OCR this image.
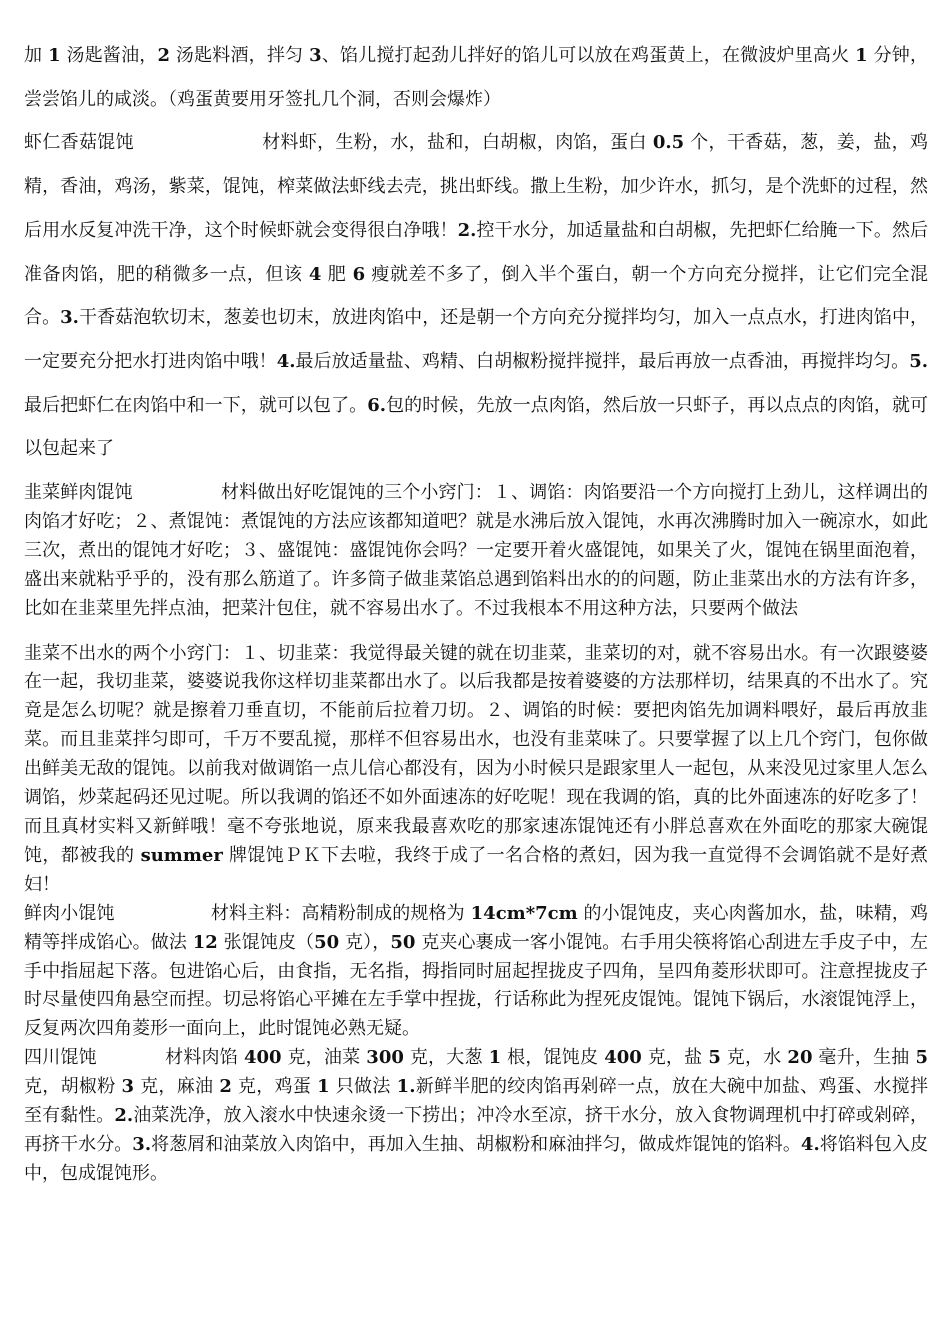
加 1 汤匙酱油，2 汤匙料酒，拌匀 3、馅儿搅打起劲儿拌好的馅儿可以放在鸡蛋黄上，在微波炉里高火 1 分钟，尝尝馅儿的咸淡。（鸡蛋黄要用牙签扎几个洞，否则会爆炸）

虾仁香菇馄饨	材料虾，生粉，水，盐和，白胡椒，肉馅，蛋白 0.5 个，干香菇，葱，姜，盐，鸡精，香油，鸡汤，紫菜，馄饨，榨菜做法虾线去壳，挑出虾线。撒上生粉，加少许水，抓匀，是个洗虾的过程，然后用水反复冲洗干净，这个时候虾就会变得很白净哦！2.控干水分，加适量盐和白胡椒，先把虾仁给腌一下。然后准备肉馅，肥的稍微多一点，但该 4 肥 6 瘦就差不多了，倒入半个蛋白，朝一个方向充分搅拌，让它们完全混合。3.干香菇泡软切末，葱姜也切末，放进肉馅中，还是朝一个方向充分搅拌均匀，加入一点点水，打进肉馅中，一定要充分把水打进肉馅中哦！4.最后放适量盐、鸡精、白胡椒粉搅拌搅拌，最后再放一点香油，再搅拌均匀。5.最后把虾仁在肉馅中和一下，就可以包了。6.包的时候，先放一点肉馅，然后放一只虾子，再以点点的肉馅，就可以包起来了

韭菜鲜肉馄饨	材料做出好吃馄饨的三个小窍门：１、调馅：肉馅要沿一个方向搅打上劲儿，这样调出的肉馅才好吃；２、煮馄饨：煮馄饨的方法应该都知道吧？就是水沸后放入馄饨，水再次沸腾时加入一碗凉水，如此三次，煮出的馄饨才好吃；３、盛馄饨：盛馄饨你会吗？一定要开着火盛馄饨，如果关了火，馄饨在锅里面泡着，盛出来就粘乎乎的，没有那么筋道了。许多筒子做韭菜馅总遇到馅料出水的的问题，防止韭菜出水的方法有许多，比如在韭菜里先拌点油，把菜汁包住，就不容易出水了。不过我根本不用这种方法，只要两个做法

韭菜不出水的两个小窍门：１、切韭菜：我觉得最关键的就在切韭菜，韭菜切的对，就不容易出水。有一次跟婆婆在一起，我切韭菜，婆婆说我你这样切韭菜都出水了。以后我都是按着婆婆的方法那样切，结果真的不出水了。究竟是怎么切呢？就是擦着刀垂直切，不能前后拉着刀切。２、调馅的时候：要把肉馅先加调料喂好，最后再放韭菜。而且韭菜拌匀即可，千万不要乱搅，那样不但容易出水，也没有韭菜味了。只要掌握了以上几个窍门，包你做出鲜美无敌的馄饨。以前我对做调馅一点儿信心都没有，因为小时候只是跟家里人一起包，从来没见过家里人怎么调馅，炒菜起码还见过呢。所以我调的馅还不如外面速冻的好吃呢！现在我调的馅，真的比外面速冻的好吃多了！而且真材实料又新鲜哦！毫不夸张地说，原来我最喜欢吃的那家速冻馄饨还有小胖总喜欢在外面吃的那家大碗馄饨，都被我的 summer 牌馄饨ＰＫ下去啦，我终于成了一名合格的煮妇，因为我一直觉得不会调馅就不是好煮妇！

鲜肉小馄饨	材料主料：高精粉制成的规格为 14cm*7cm 的小馄饨皮，夹心肉酱加水，盐，味精，鸡精等拌成馅心。做法 12 张馄饨皮（50 克），50 克夹心裹成一客小馄饨。右手用尖筷将馅心刮进左手皮子中，左手中指屈起下落。包进馅心后，由食指，无名指，拇指同时屈起捏拢皮子四角，呈四角菱形状即可。注意捏拢皮子时尽量使四角悬空而捏。切忌将馅心平摊在左手掌中捏拢，行话称此为捏死皮馄饨。馄饨下锅后，水滚馄饨浮上，反复两次四角菱形一面向上，此时馄饨必熟无疑。

四川馄饨	材料肉馅 400 克，油菜 300 克，大葱 1 根，馄饨皮 400 克，盐 5 克，水 20 毫升，生抽 5 克，胡椒粉 3 克，麻油 2 克，鸡蛋 1 只做法 1.新鲜半肥的绞肉馅再剁碎一点，放在大碗中加盐、鸡蛋、水搅拌至有黏性。2.油菜洗净，放入滚水中快速汆烫一下捞出；冲冷水至凉，挤干水分，放入食物调理机中打碎或剁碎，再挤干水分。3.将葱屑和油菜放入肉馅中，再加入生抽、胡椒粉和麻油拌匀，做成炸馄饨的馅料。4.将馅料包入皮中，包成馄饨形。
